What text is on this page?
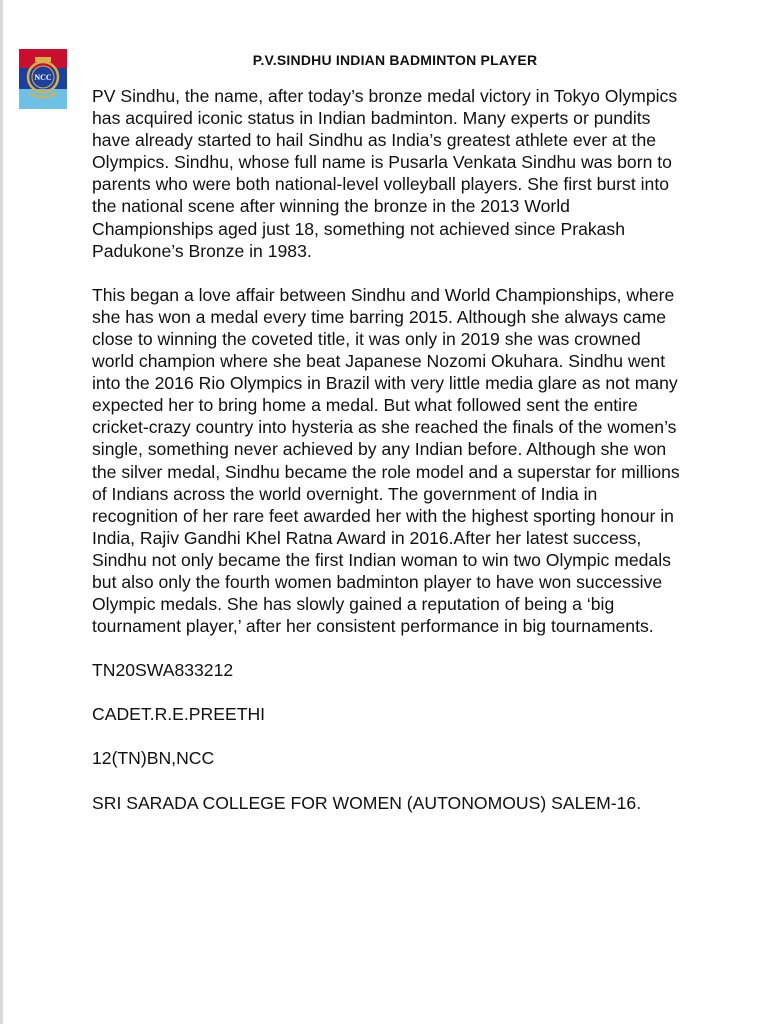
NCC
P.V.SINDHU INDIAN BADMINTON PLAYER

PV Sindhu, the name, after today’s bronze medal victory in Tokyo Olympics has acquired iconic status in Indian badminton. Many experts or pundits have already started to hail Sindhu as India’s greatest athlete ever at the Olympics. Sindhu, whose full name is Pusarla Venkata Sindhu was born to parents who were both national-level volleyball players. She first burst into the national scene after winning the bronze in the 2013 World Championships aged just 18, something not achieved since Prakash Padukone’s Bronze in 1983.

This began a love affair between Sindhu and World Championships, where she has won a medal every time barring 2015. Although she always came close to winning the coveted title, it was only in 2019 she was crowned world champion where she beat Japanese Nozomi Okuhara. Sindhu went into the 2016 Rio Olympics in Brazil with very little media glare as not many expected her to bring home a medal. But what followed sent the entire cricket-crazy country into hysteria as she reached the finals of the women’s single, something never achieved by any Indian before. Although she won the silver medal, Sindhu became the role model and a superstar for millions of Indians across the world overnight. The government of India in recognition of her rare feet awarded her with the highest sporting honour in India, Rajiv Gandhi Khel Ratna Award in 2016.After her latest success, Sindhu not only became the first Indian woman to win two Olympic medals but also only the fourth women badminton player to have won successive Olympic medals. She has slowly gained a reputation of being a ‘big tournament player,’ after her consistent performance in big tournaments.

TN20SWA833212

CADET.R.E.PREETHI

12(TN)BN,NCC

SRI SARADA COLLEGE FOR WOMEN (AUTONOMOUS) SALEM-16.
